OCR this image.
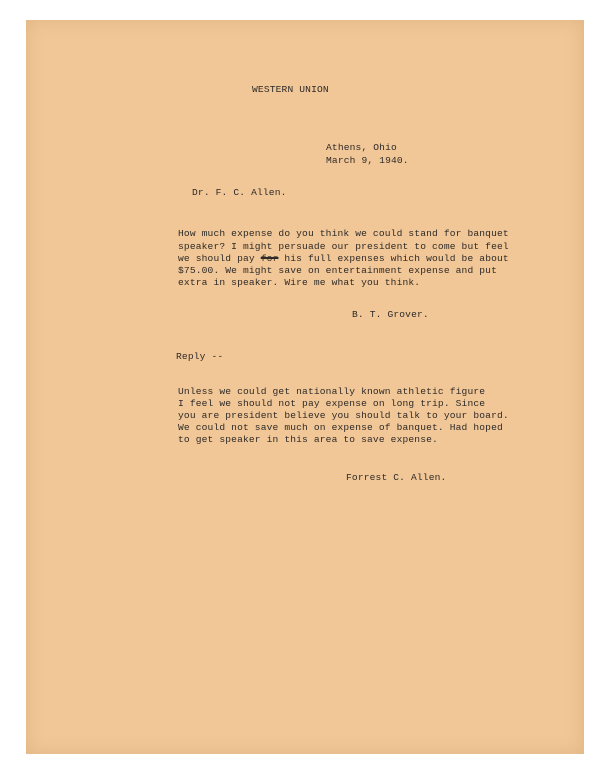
WESTERN UNION
Athens, Ohio
March 9, 1940.
Dr. F. C. Allen.
How much expense do you think we could stand for banquet
speaker? I might persuade our president to come but feel
we should pay for his full expenses which would be about
$75.00. We might save on entertainment expense and put
extra in speaker. Wire me what you think.
B. T. Grover.
Reply --
Unless we could get nationally known athletic figure
I feel we should not pay expense on long trip. Since
you are president believe you should talk to your board.
We could not save much on expense of banquet. Had hoped
to get speaker in this area to save expense.
Forrest C. Allen.
